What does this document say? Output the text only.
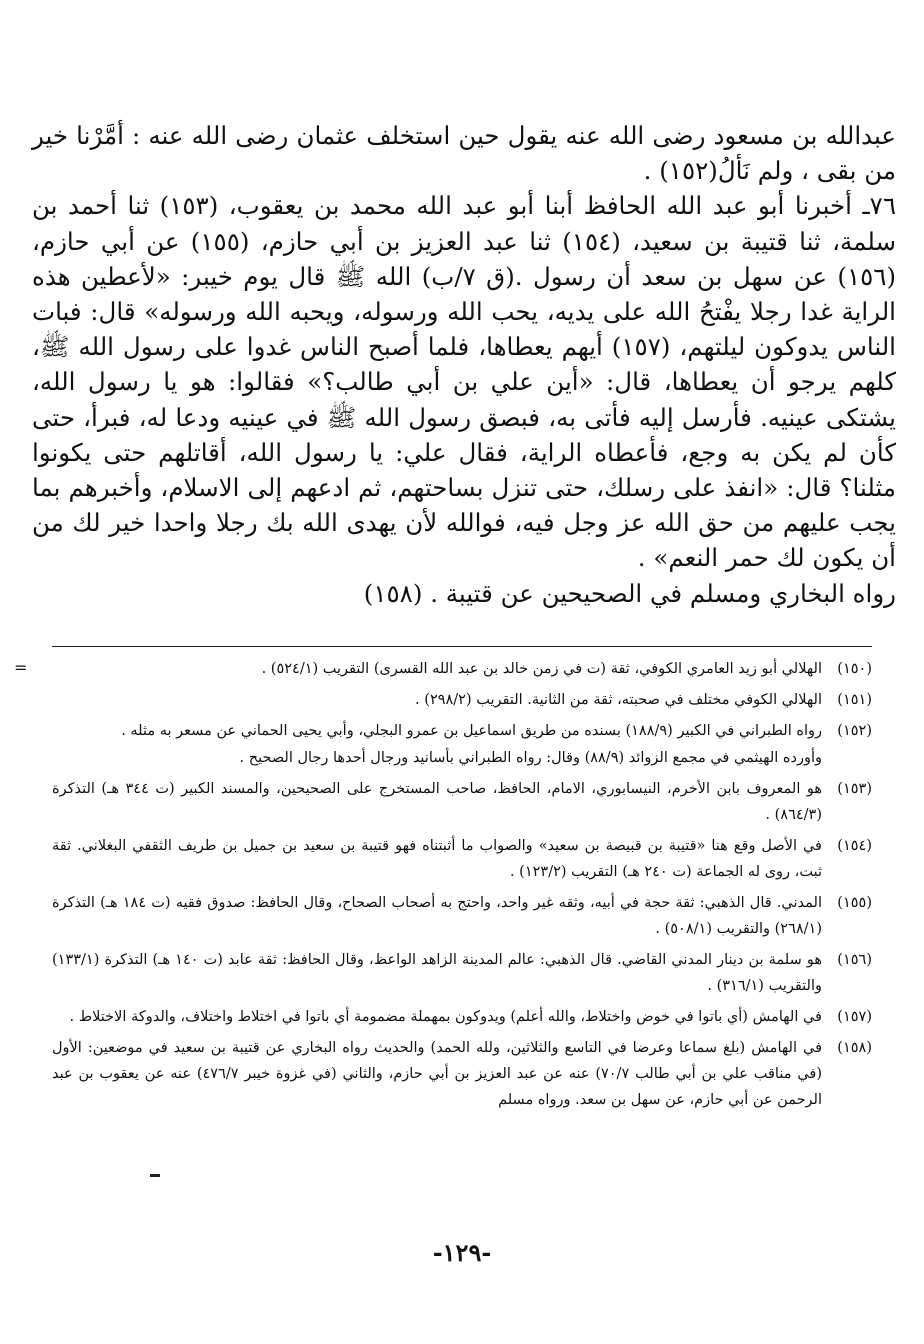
عبدالله بن مسعود رضى الله عنه يقول حين استخلف عثمان رضى الله عنه : أمَّرْنا خير من بقى ، ولم نَألُ(١٥٢) .

٧٦ـ أخبرنا أبو عبد الله الحافظ أبنا أبو عبد الله محمد بن يعقوب، (١٥٣) ثنا أحمد بن سلمة، ثنا قتيبة بن سعيد، (١٥٤) ثنا عبد العزيز بن أبي حازم، (١٥٥) عن أبي حازم، (١٥٦) عن سهل بن سعد أن رسول .(ق ٧/ب) الله ﷺ قال يوم خيبر: «لأعطين هذه الراية غدا رجلا يفْتحُ الله على يديه، يحب الله ورسوله، ويحبه الله ورسوله» قال: فبات الناس يدوكون ليلتهم، (١٥٧) أيهم يعطاها، فلما أصبح الناس غدوا على رسول الله ﷺ، كلهم يرجو أن يعطاها، قال: «أين علي بن أبي طالب؟» فقالوا: هو يا رسول الله، يشتكى عينيه. فأرسل إليه فأتى به، فبصق رسول الله ﷺ في عينيه ودعا له، فبرأ، حتى كأن لم يكن به وجع، فأعطاه الراية، فقال علي: يا رسول الله، أقاتلهم حتى يكونوا مثلنا؟ قال: «انفذ على رسلك، حتى تنزل بساحتهم، ثم ادعهم إلى الاسلام، وأخبرهم بما يجب عليهم من حق الله عز وجل فيه، فوالله لأن يهدى الله بك رجلا واحدا خير لك من أن يكون لك حمر النعم» .

رواه البخاري ومسلم في الصحيحين عن قتيبة . (١٥٨)

=	(١٥٠)
الهلالي أبو زيد العامري الكوفي، ثقة (ت في زمن خالد بن عبد الله القسرى) التقريب (٥٢٤/١) .
(١٥١)
الهلالي الكوفي مختلف في صحبته، ثقة من الثانية. التقريب (٢٩٨/٢) .
(١٥٢)
رواه الطبراني في الكبير (١٨٨/٩) بسنده من طريق اسماعيل بن عمرو البجلي، وأبي يحيى الحماني عن مسعر به مثله .
وأورده الهيثمي في مجمع الزوائد (٨٨/٩) وقال: رواه الطبراني بأسانيد ورجال أحدها رجال الصحيح .
(١٥٣)
هو المعروف بابن الأخرم، النيسابوري، الامام، الحافظ، صاحب المستخرج على الصحيحين، والمسند الكبير (ت ٣٤٤ هـ) التذكرة (٨٦٤/٣) .
(١٥٤)
في الأصل وقع هنا «قتيبة بن قبيصة بن سعيد» والصواب ما أثبتناه فهو قتيبة بن سعيد بن جميل بن طريف الثقفي البغلاني. ثقة ثبت، روى له الجماعة (ت ٢٤٠ هـ) التقريب (١٢٣/٢) .
(١٥٥)
المدني. قال الذهبي: ثقة حجة في أبيه، وثقه غير واحد، واحتج به أصحاب الصحاح، وقال الحافظ: صدوق فقيه (ت ١٨٤ هـ) التذكرة (٢٦٨/١) والتقريب (٥٠٨/١) .
(١٥٦)
هو سلمة بن دينار المدني القاضي. قال الذهبي: عالم المدينة الزاهد الواعظ، وقال الحافظ: ثقة عابد (ت ١٤٠ هـ) التذكرة (١٣٣/١) والتقريب (٣١٦/١) .
(١٥٧)
في الهامش (أي باتوا في خوض واختلاط، والله أعلم) ويدوكون بمهملة مضمومة أي باتوا في اختلاط واختلاف، والدوكة الاختلاط .
(١٥٨)
في الهامش (بلغ سماعا وعرضا في التاسع والثلاثين، ولله الحمد) والحديث رواه البخاري عن قتيبة بن سعيد في موضعين: الأول (في مناقب علي بن أبي طالب ٧٠/٧) عنه عن عبد العزيز بن أبي حازم، والثاني (في غزوة خيبر ٤٧٦/٧) عنه عن يعقوب بن عبد الرحمن عن أبي حازم، عن سهل بن سعد. ورواه مسلم
-١٢٩-
